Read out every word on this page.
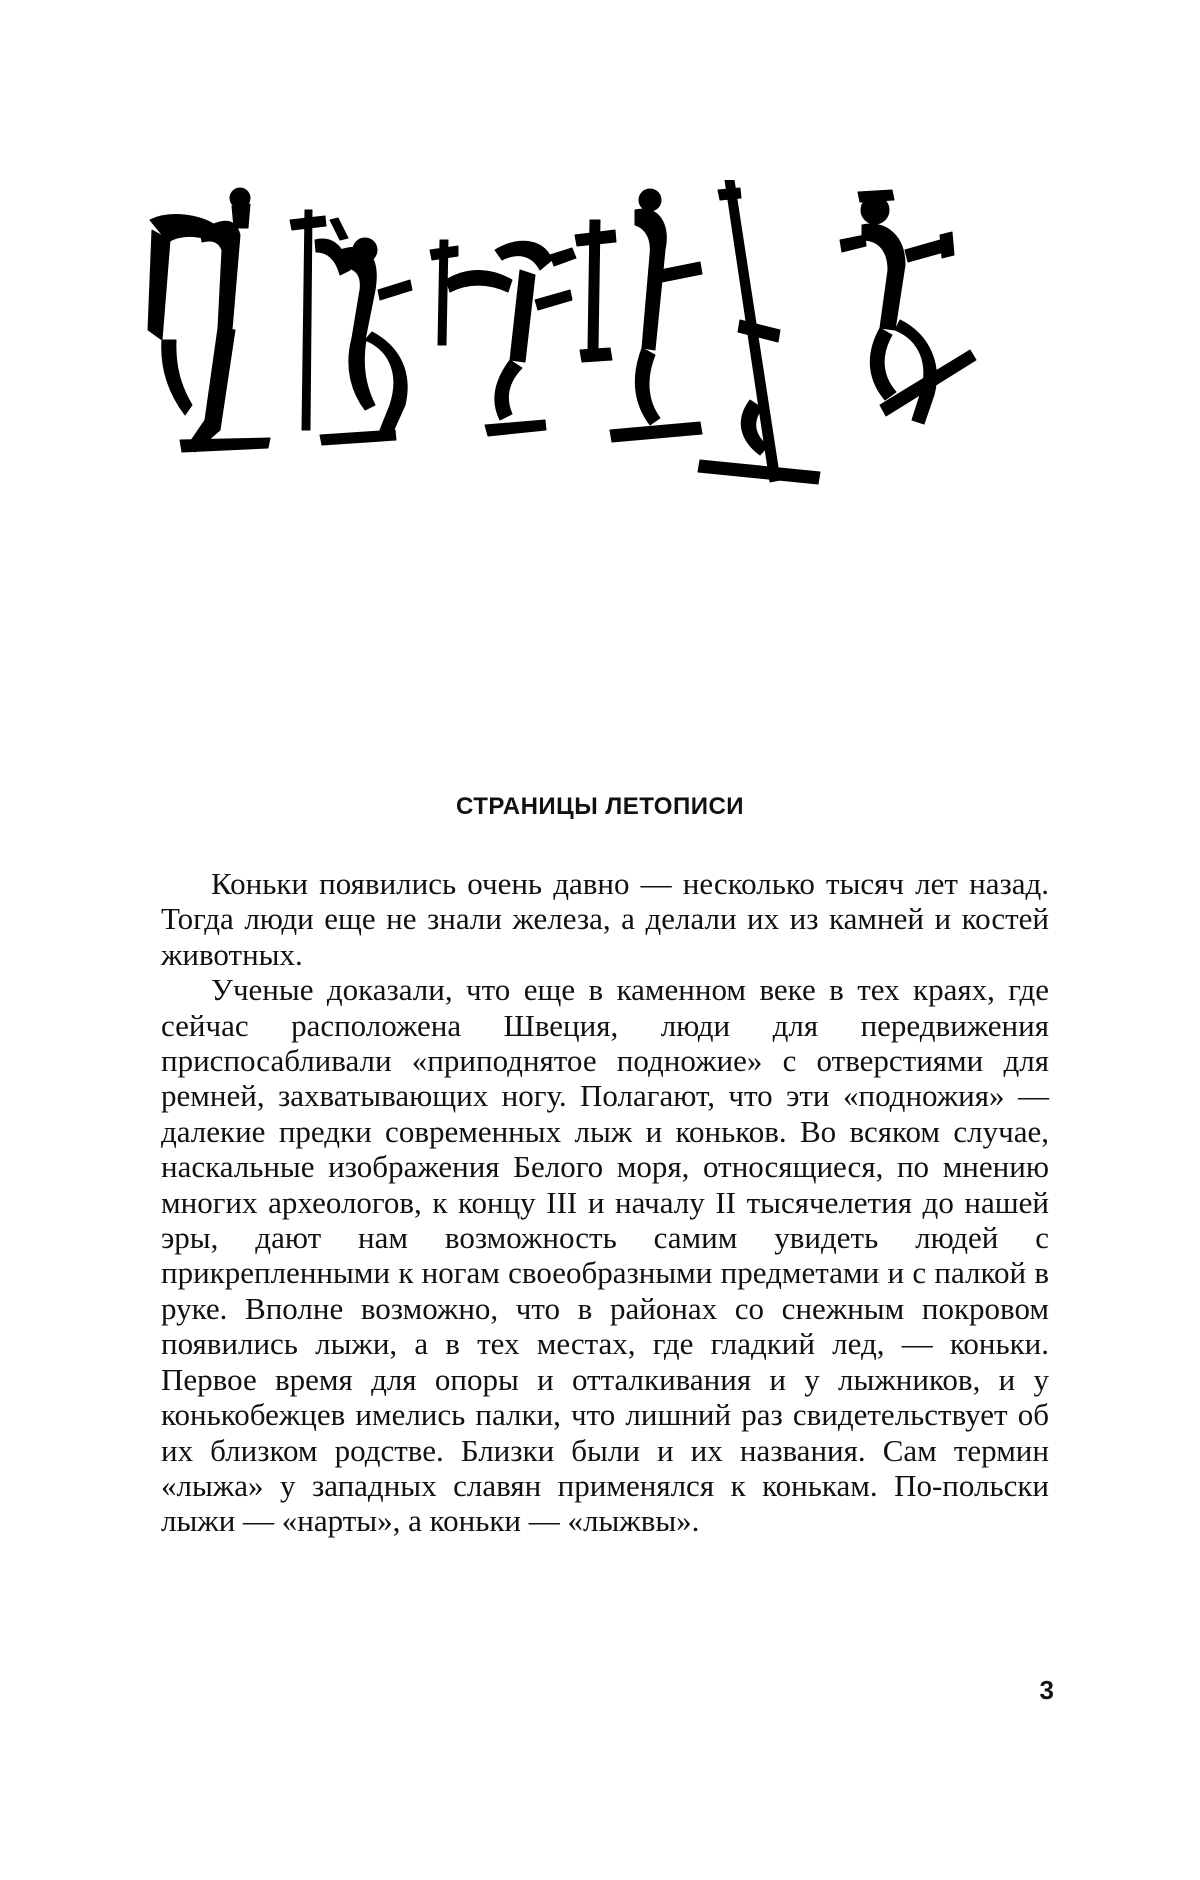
СТРАНИЦЫ ЛЕТОПИСИ

Коньки появились очень давно — несколько тысяч лет назад. Тогда люди еще не знали железа, а делали их из камней и костей животных.

Ученые доказали, что еще в каменном веке в тех краях, где сейчас расположена Швеция, люди для передвижения приспосабливали «приподнятое подножие» с отверстиями для ремней, захватывающих ногу. Полагают, что эти «подножия» — далекие предки современных лыж и коньков. Во всяком случае, наскальные изображения Белого моря, относящиеся, по мнению многих археологов, к концу III и началу II тысячелетия до нашей эры, дают нам возможность самим увидеть людей с прикрепленными к ногам своеобразными предметами и с палкой в руке. Вполне возможно, что в районах со снежным покровом появились лыжи, а в тех местах, где гладкий лед, — коньки. Первое время для опоры и отталкивания и у лыжников, и у конькобежцев имелись палки, что лишний раз свидетельствует об их близком родстве. Близки были и их названия. Сам термин «лыжа» у западных славян применялся к конькам. По-польски лыжи — «нарты», а коньки — «лыжвы».

3
